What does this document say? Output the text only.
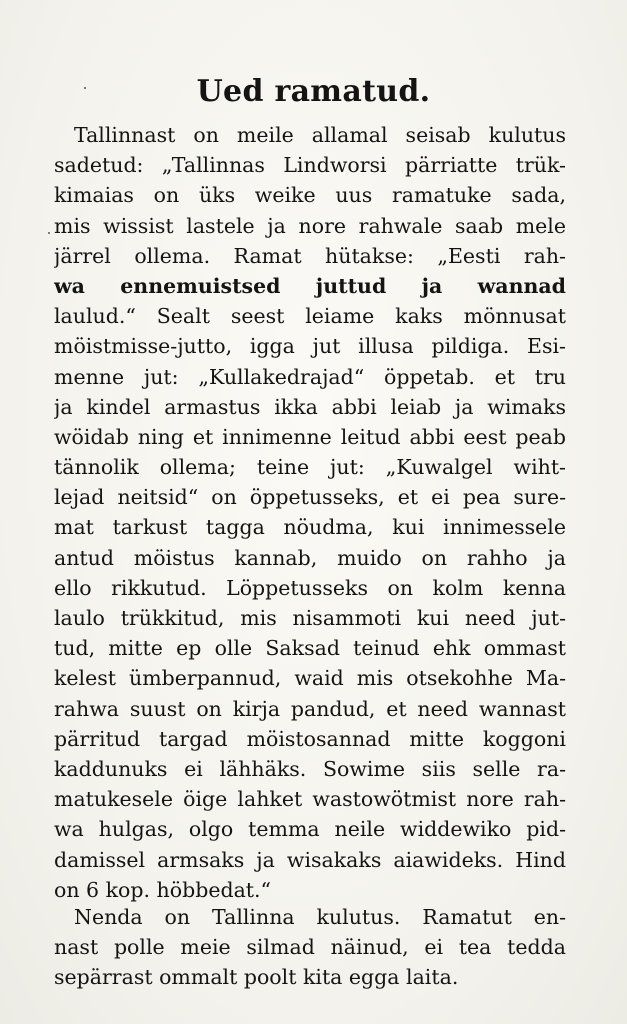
Ued ramatud.
Tallinnast on meile allamal seisab kulutus
sadetud: „Tallinnas Lindworsi pärriatte trük-
kimaias on üks weike uus ramatuke sada,
mis wissist lastele ja nore rahwale saab mele
järrel ollema. Ramat hütakse: „Eesti rah-
wa ennemuistsed juttud ja wannad
laulud.“ Sealt seest leiame kaks mönnusat
möistmisse-jutto, igga jut illusa pildiga. Esi-
menne jut: „Kullakedrajad“ öppetab. et tru
ja kindel armastus ikka abbi leiab ja wimaks
wöidab ning et innimenne leitud abbi eest peab
tännolik ollema; teine jut: „Kuwalgel wiht-
lejad neitsid“ on öppetusseks, et ei pea sure-
mat tarkust tagga nöudma, kui innimessele
antud möistus kannab, muido on rahho ja
ello rikkutud. Löppetusseks on kolm kenna
laulo trükkitud, mis nisammoti kui need jut-
tud, mitte ep olle Saksad teinud ehk ommast
kelest ümberpannud, waid mis otsekohhe Ma-
rahwa suust on kirja pandud, et need wannast
pärritud targad möistosannad mitte koggoni
kaddunuks ei lähhäks. Sowime siis selle ra-
matukesele öige lahket wastowötmist nore rah-
wa hulgas, olgo temma neile widdewiko pid-
damissel armsaks ja wisakaks aiawideks. Hind
on 6 kop. höbbedat.“
Nenda on Tallinna kulutus. Ramatut en-
nast polle meie silmad näinud, ei tea tedda
sepärrast ommalt poolt kita egga laita.
